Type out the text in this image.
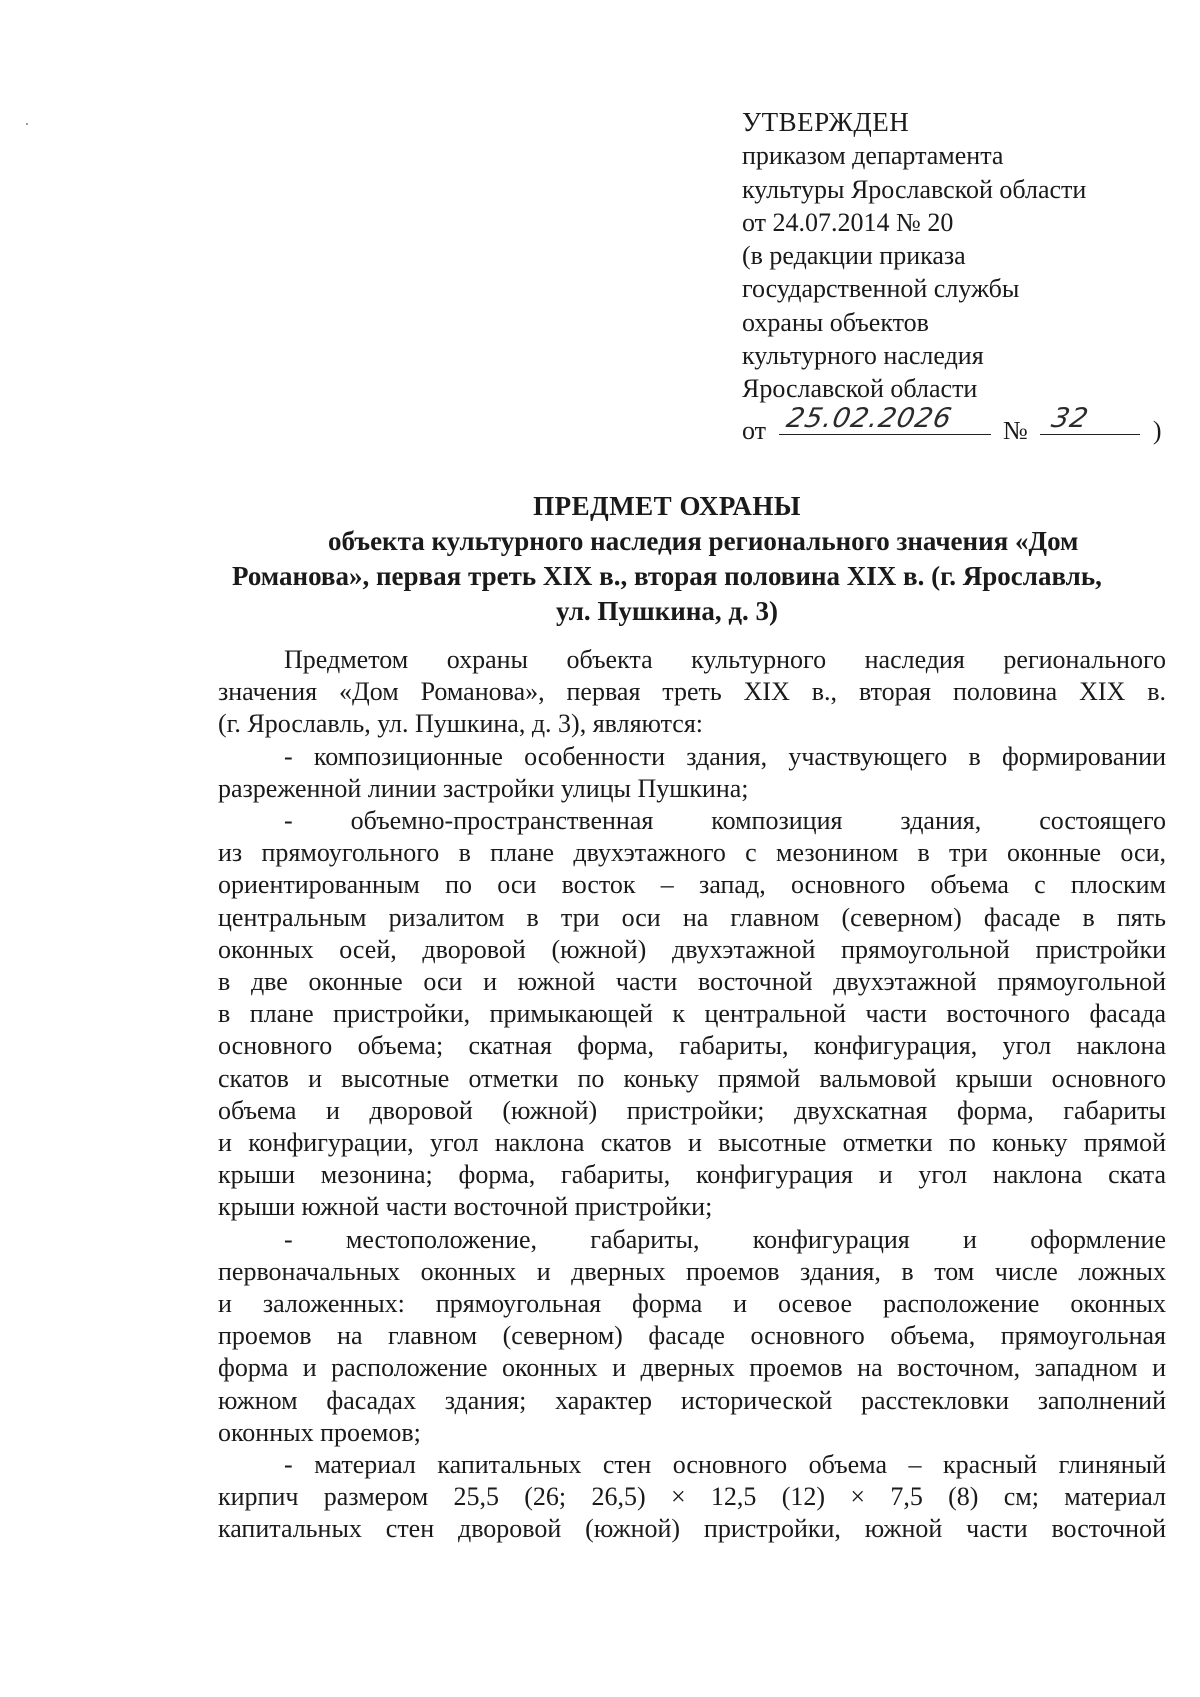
УТВЕРЖДЕН
приказом департамента
культуры Ярославской области
от 24.07.2014 № 20
(в редакции приказа
государственной службы
охраны объектов
культурного наследия
Ярославской области
от 25.02.2026 № 32 )
ПРЕДМЕТ ОХРАНЫ
объекта культурного наследия регионального значения «Дом
Романова», первая треть XIX в., вторая половина XIX в. (г. Ярославль,
ул. Пушкина, д. 3)
Предметом охраны объекта культурного наследия регионального
значения «Дом Романова», первая треть XIX в., вторая половина XIX в.
(г. Ярославль, ул. Пушкина, д. 3), являются:
- композиционные особенности здания, участвующего в формировании
разреженной линии застройки улицы Пушкина;
- объемно-пространственная композиция здания, состоящего
из прямоугольного в плане двухэтажного с мезонином в три оконные оси,
ориентированным по оси восток – запад, основного объема с плоским
центральным ризалитом в три оси на главном (северном) фасаде в пять
оконных осей, дворовой (южной) двухэтажной прямоугольной пристройки
в две оконные оси и южной части восточной двухэтажной прямоугольной
в плане пристройки, примыкающей к центральной части восточного фасада
основного объема; скатная форма, габариты, конфигурация, угол наклона
скатов и высотные отметки по коньку прямой вальмовой крыши основного
объема и дворовой (южной) пристройки; двухскатная форма, габариты
и конфигурации, угол наклона скатов и высотные отметки по коньку прямой
крыши мезонина; форма, габариты, конфигурация и угол наклона ската
крыши южной части восточной пристройки;
- местоположение, габариты, конфигурация и оформление
первоначальных оконных и дверных проемов здания, в том числе ложных
и заложенных: прямоугольная форма и осевое расположение оконных
проемов на главном (северном) фасаде основного объема, прямоугольная
форма и расположение оконных и дверных проемов на восточном, западном и
южном фасадах здания; характер исторической расстекловки заполнений
оконных проемов;
- материал капитальных стен основного объема – красный глиняный
кирпич размером 25,5 (26; 26,5) × 12,5 (12) × 7,5 (8) см; материал
капитальных стен дворовой (южной) пристройки, южной части восточной
